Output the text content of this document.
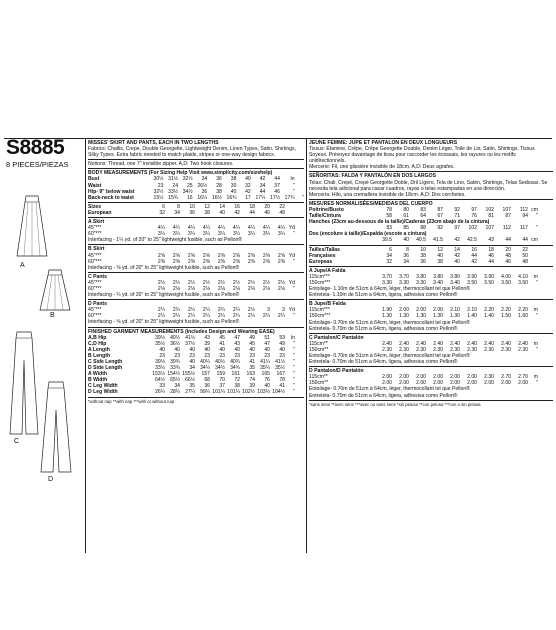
S8885
8 PIECES/PIEZAS
A
B
C
D

MISSES' SKIRT AND PANTS, EACH IN TWO LENGTHS

Fabrics: Challis, Crepe, Double Georgette, Lightweight Denim, Linen Types, Satin, Shirtings, Silky Types. Extra fabric needed to match plaids, stripes or one-way design fabrics.

Notions: Thread, one 7" invisible zipper. A,D: Two hook closures.

BODY MEASUREMENTS (For Sizing Help Visit www.simplicity.com/sizehelp)

Bust	30½	31½	32½	34	36	38	40	42	44	In	
Waist	23	24	25	26½	28	30	32	34	37	"	
Hip- 9" below waist	32½	33½	34½	36	38	40	42	44	46	"	
Back-neck to waist	15½	15¾	16	16¼	16½	16¾	17	17¼	17½	17¾	"
Sizes	6	8	10	12	14	16	18	20	22
European	32	34	36	38	40	42	44	46	48

A Skirt

45"***	4¼	4¼	4¼	4¼	4¼	4¼	4¼	4¼	4¼	Yd
60"***	3¼	3¼	3¼	3¼	3¼	3¼	3¼	3¼	3¼	"

Interfacing - 1¼ yd. of 20" to 25" lightweight fusible, such as Pellon®

B Skirt

45"***	2⅝	2⅝	2⅝	2⅝	2⅝	2⅝	2⅝	2⅝	2⅝	Yd
60"***	2⅜	2⅜	2⅜	2⅜	2⅜	2⅜	2⅜	2⅜	2⅜	"

Interfacing - ⅝ yd. of 20" to 25" lightweight fusible, such as Pellon®

C Pants

45"***	2½	2½	2½	2½	2½	2½	2½	2½	2½	Yd
60"***	2⅛	2⅛	2⅛	2⅛	2⅛	2⅛	2⅛	2⅛	2⅛	"

Interfacing - ¼ yd. of 20" to 25" lightweight fusible, such as Pellon®

D Pants

45"***	2¼	2¼	2¼	2¼	2¼	2¼	2½	3	3	Yd
60"***	2¼	2¼	2¼	2¼	2¼	2¼	2¼	2¼	2¼	"

Interfacing - ⅝ yd. of 20" to 25" lightweight fusible, such as Pellon®

FINISHED GARMENT MEASUREMENTS (Includes Design and Wearing EASE)

A,B Hip	39½	40½	41½	43	45	47	49	51	53	In
C,D Hip	35½	36½	37½	39	41	43	45	47	49	"
A Length	40	40	40	40	40	40	40	40	40	"
B Length	23	23	23	23	23	23	23	23	23	"
C Side Length	39½	39¾	40	40¼	40½	40¾	41	41¼	41½	"
D Side Length	33½	33¾	34	34¼	34½	34¾	35	35¼	35½	"
A Width	153½	154½	155½	157	159	161	163	165	167	"
B Width	64½	65½	66½	68	70	72	74	76	78	"
C Leg Width	33	34	35	36	37	38	39	40	41	"
D Leg Width	26¼	28¼	27¼	99¼	101¼	101¼	102½	103½	104½	"

*without nap **with nap ***with or without nap

JEUNE FEMME: JUPE ET PANTALON EN DEUX LONGUEURS

Tissus: Étamine, Crêpe, Crêpe Georgette Double, Denim Léger, Toile de Lin, Satin, Shirtings, Tissus Soyeux. Prévoyez davantage de tissu pour raccorder les écossais, les rayures ou les motifs unidirectionnels.

Mercerie: Fil, une glissière invisible de 18cm. A,D: Deux agrafes.

SEÑORITAS: FALDA Y PANTALÓN EN DOS LARGOS

Telas: Chali, Crepé, Crepé Georgette Doble, Dril Ligero, Tela de Lino, Satén, Shirtings, Telas Sedosas. Se necesita tela adicional para casar cuadros, rayas o telas estampadas en una dirección.

Mercería: Hilo, una cremallera invisible de 18cm. A,D: Dos corchetes.

MESURES NORMALISÉES/MEDIDAS DEL CUERPO

Poitrine/Busto	78	80	83	87	92	97	102	107	112	cm
Taille/Cintura	58	61	64	67	71	76	81	87	94	"

Hanches (23cm au-dessous de la taille)/Caderas (23cm abajo de la cintura)

	83	85	88	92	97	102	107	112	117	"

Dos (encolure à taille)/Espalda (escote a cintura)

	39.5	40	40.5	41.5	42	42.5	43	44	44	cm
Tailles/Tallas	6	8	10	12	14	16	18	20	22
Françaises	34	36	38	40	42	44	46	48	50
Europeas	32	34	36	38	40	42	44	46	48

A Jupe/A Falda

115cm***	3.70	3.70	3.80	3.80	3.80	3.90	3.90	4.00	4.10	m
150cm***	3.30	3.30	3.30	3.40	3.40	3.50	3.50	3.50	3.50	"

Entoilage- 1.10m de 51cm à 64cm, léger, thermocollant tel que Pellon®

Entretela- 1.10m de 51cm a 64cm, ligera, adhesiva como Pellon®

B Jupe/B Falda

115cm***	1.90	2.00	2.00	2.00	2.10	2.10	2.20	2.20	2.20	m
150cm***	1.30	1.30	1.30	1.30	1.30	1.40	1.40	1.50	1.60	"

Entoilage- 0.70m de 51cm à 64cm, léger, thermocollant tel que Pellon®

Entretela- 0.70m de 51cm a 64cm, ligera, adhesiva como Pellon®

C Pantalon/C Pantalón

115cm**	2.40	2.40	2.40	2.40	2.40	2.40	2.40	2.40	2.40	m
150cm**	2.30	2.30	2.30	2.30	2.30	2.30	2.30	2.30	2.30	"

Entoilage- 0.70m de 51cm à 64cm, léger, thermocollant tel que Pellon®

Entretela- 0.70m de 51cm a 64cm, ligera, adhesiva como Pellon®

D Pantalon/D Pantalón

115cm**	2.00	2.00	2.00	2.00	2.00	2.00	2.30	2.70	2.70	m
150cm**	2.00	2.00	2.00	2.00	2.00	2.00	2.00	2.00	2.00	"

Entoilage- 0.70m de 51cm à 64cm, léger, thermocollant tel que Pellon®

Entretela- 0.70m de 51cm a 64cm, ligera, adhesiva como Pellon®

*sans sens **avec sens ***avec ou sans sens *sin pelusa **con pelusa ***con o sin pelusa
